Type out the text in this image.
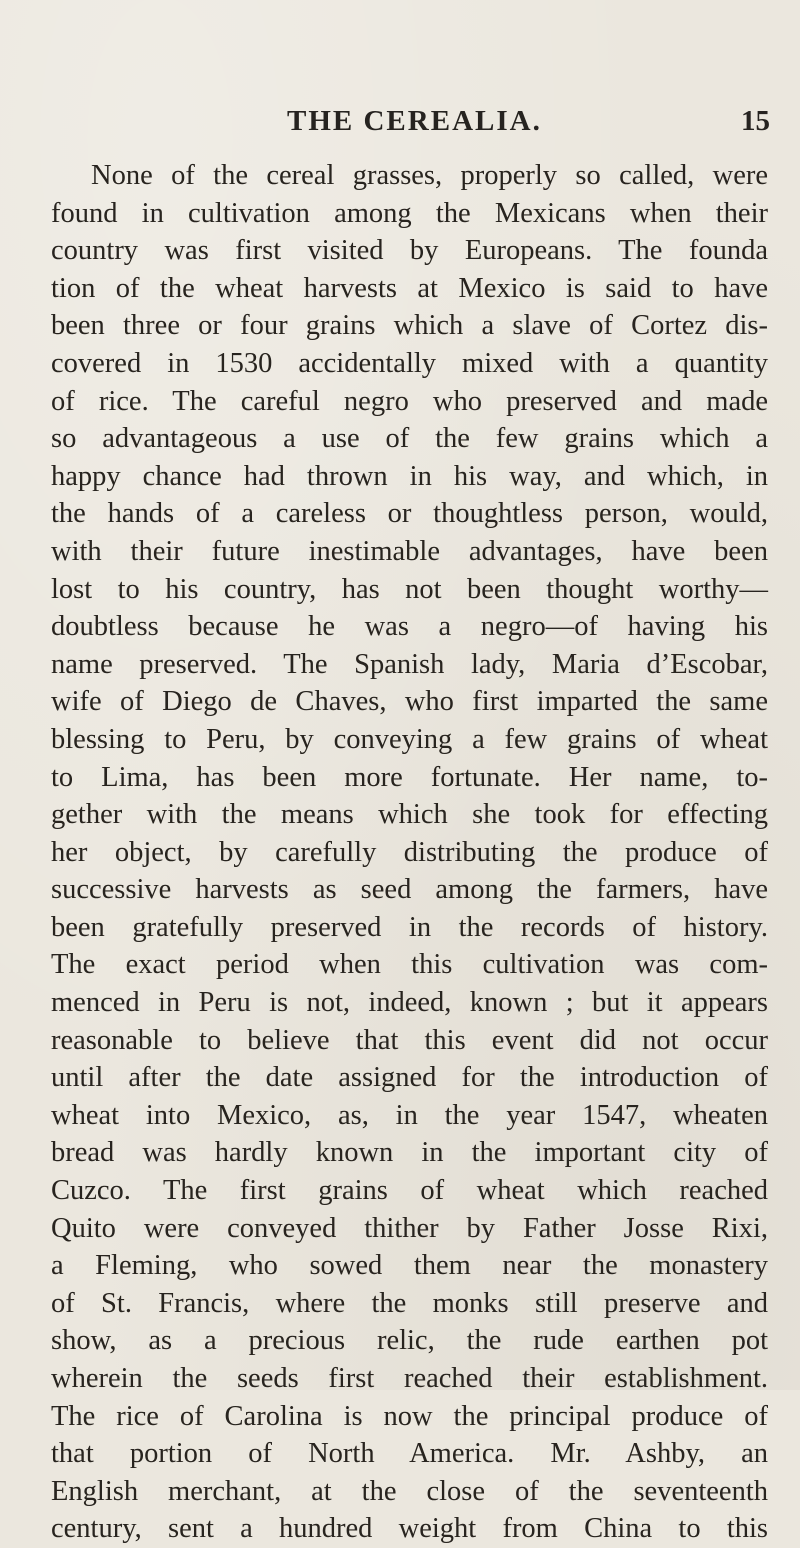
THE CEREALIA.	15
None of the cereal grasses, properly so called, were
found in cultivation among the Mexicans when their
country was first visited by Europeans. The founda
tion of the wheat harvests at Mexico is said to have
been three or four grains which a slave of Cortez dis-
covered in 1530 accidentally mixed with a quantity
of rice. The careful negro who preserved and made
so advantageous a use of the few grains which a
happy chance had thrown in his way, and which, in
the hands of a careless or thoughtless person, would,
with their future inestimable advantages, have been
lost to his country, has not been thought worthy—
doubtless because he was a negro—of having his
name preserved. The Spanish lady, Maria d’Escobar,
wife of Diego de Chaves, who first imparted the same
blessing to Peru, by conveying a few grains of wheat
to Lima, has been more fortunate. Her name, to-
gether with the means which she took for effecting
her object, by carefully distributing the produce of
successive harvests as seed among the farmers, have
been gratefully preserved in the records of history.
The exact period when this cultivation was com-
menced in Peru is not, indeed, known ; but it appears
reasonable to believe that this event did not occur
until after the date assigned for the introduction of
wheat into Mexico, as, in the year 1547, wheaten
bread was hardly known in the important city of
Cuzco. The first grains of wheat which reached
Quito were conveyed thither by Father Josse Rixi,
a Fleming, who sowed them near the monastery
of St. Francis, where the monks still preserve and
show, as a precious relic, the rude earthen pot
wherein the seeds first reached their establishment.
The rice of Carolina is now the principal produce of
that portion of North America. Mr. Ashby, an
English merchant, at the close of the seventeenth
century, sent a hundred weight from China to this
